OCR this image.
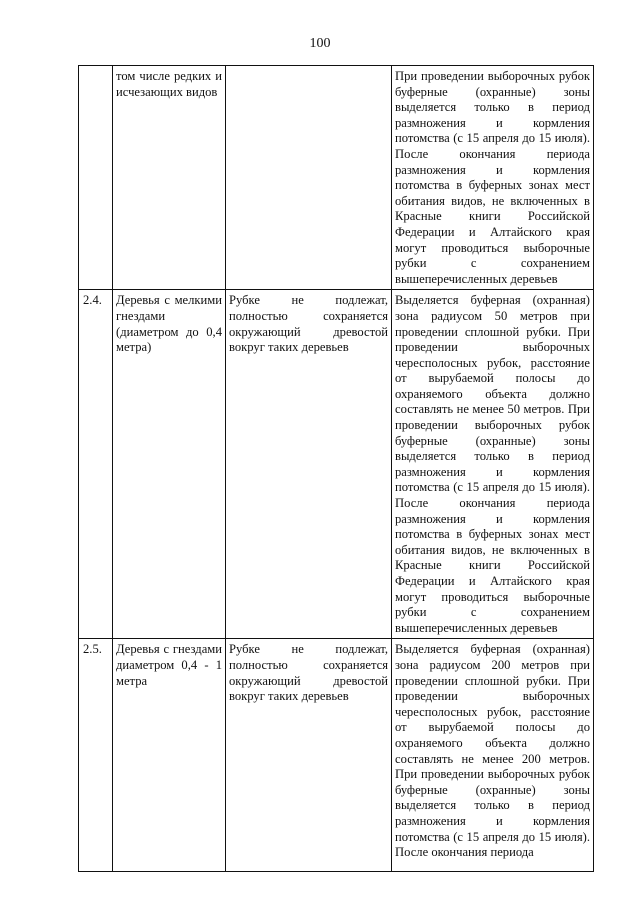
100
	том числе редких и исчезающих видов		При проведении выборочных рубок буферные (охранные) зоны выделяется только в период размножения и кормления потомства (с 15 апреля до 15 июля). После окончания периода размножения и кормления потомства в буферных зонах мест обитания видов, не включенных в Красные книги Российской Федерации и Алтайского края могут проводиться выборочные рубки с сохранением вышеперечисленных деревьев
2.4.	Деревья с мелкими гнездами (диаметром до 0,4 метра)	Рубке не подлежат, полностью сохраняется окружающий древостой вокруг таких деревьев	Выделяется буферная (охранная) зона радиусом 50 метров при проведении сплошной рубки. При проведении выборочных чересполосных рубок, расстояние от вырубаемой полосы до охраняемого объекта должно составлять не менее 50 метров. При проведении выборочных рубок буферные (охранные) зоны выделяется только в период размножения и кормления потомства (с 15 апреля до 15 июля). После окончания периода размножения и кормления потомства в буферных зонах мест обитания видов, не включенных в Красные книги Российской Федерации и Алтайского края могут проводиться выборочные рубки с сохранением вышеперечисленных деревьев
2.5.	Деревья с гнездами диаметром 0,4 - 1 метра	Рубке не подлежат, полностью сохраняется окружающий древостой вокруг таких деревьев	Выделяется буферная (охранная) зона радиусом 200 метров при проведении сплошной рубки. При проведении выборочных чересполосных рубок, расстояние от вырубаемой полосы до охраняемого объекта должно составлять не менее 200 метров. При проведении выборочных рубок буферные (охранные) зоны выделяется только в период размножения и кормления потомства (с 15 апреля до 15 июля). После окончания периода
